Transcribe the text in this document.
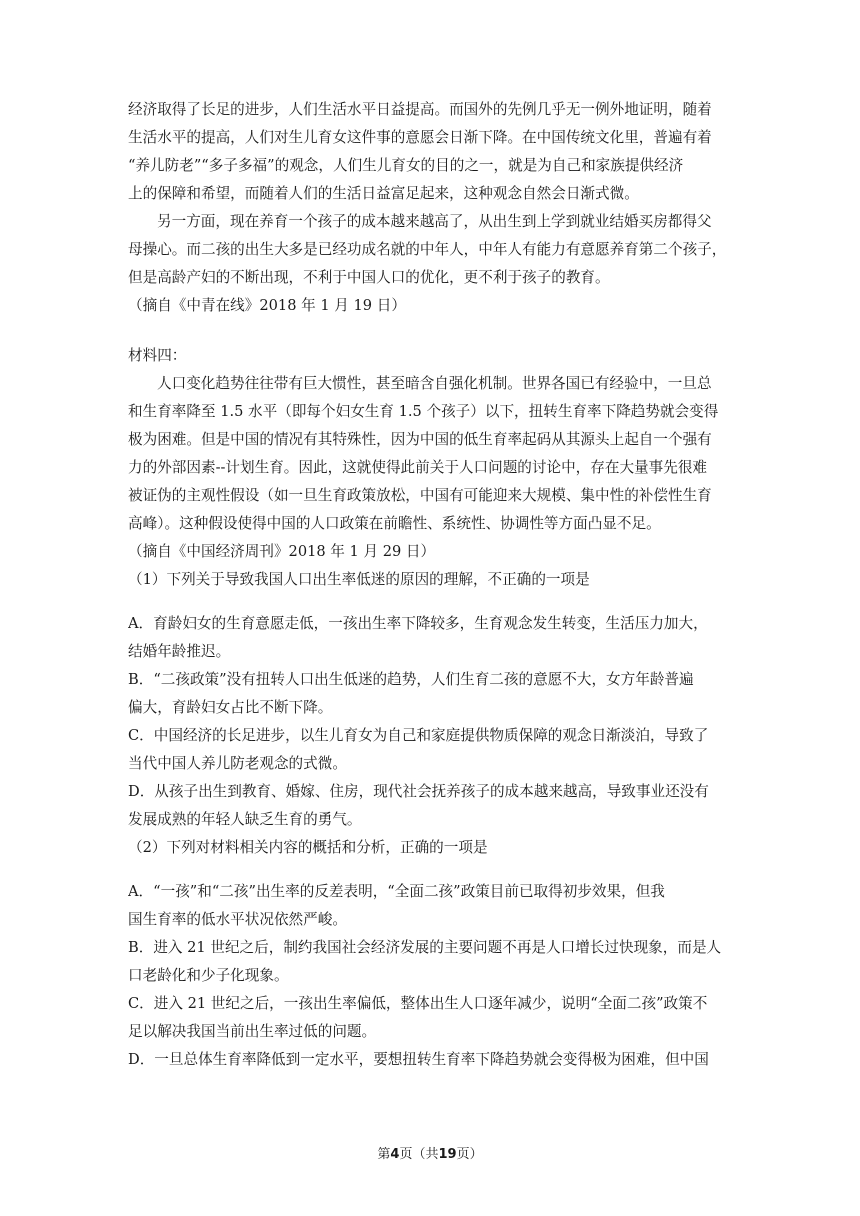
经济取得了长足的进步，人们生活水平日益提高。而国外的先例几乎无一例外地证明，随着
生活水平的提高，人们对生儿育女这件事的意愿会日渐下降。在中国传统文化里，普遍有着
“养儿防老”“多子多福”的观念，人们生儿育女的目的之一，就是为自己和家族提供经济
上的保障和希望，而随着人们的生活日益富足起来，这种观念自然会日渐式微。
另一方面，现在养育一个孩子的成本越来越高了，从出生到上学到就业结婚买房都得父
母操心。而二孩的出生大多是已经功成名就的中年人，中年人有能力有意愿养育第二个孩子，
但是高龄产妇的不断出现，不利于中国人口的优化，更不利于孩子的教育。
（摘自《中青在线》2018 年 1 月 19 日）
材料四：
人口变化趋势往往带有巨大惯性，甚至暗含自强化机制。世界各国已有经验中，一旦总
和生育率降至 1.5 水平（即每个妇女生育 1.5 个孩子）以下，扭转生育率下降趋势就会变得
极为困难。但是中国的情况有其特殊性，因为中国的低生育率起码从其源头上起自一个强有
力的外部因素--计划生育。因此，这就使得此前关于人口问题的讨论中，存在大量事先很难
被证伪的主观性假设（如一旦生育政策放松，中国有可能迎来大规模、集中性的补偿性生育
高峰）。这种假设使得中国的人口政策在前瞻性、系统性、协调性等方面凸显不足。
（摘自《中国经济周刊》2018 年 1 月 29 日）
（1）下列关于导致我国人口出生率低迷的原因的理解，不正确的一项是
A．育龄妇女的生育意愿走低，一孩出生率下降较多，生育观念发生转变，生活压力加大，
结婚年龄推迟。
B．“二孩政策”没有扭转人口出生低迷的趋势，人们生育二孩的意愿不大，女方年龄普遍
偏大，育龄妇女占比不断下降。
C．中国经济的长足进步，以生儿育女为自己和家庭提供物质保障的观念日渐淡泊，导致了
当代中国人养儿防老观念的式微。
D．从孩子出生到教育、婚嫁、住房，现代社会抚养孩子的成本越来越高，导致事业还没有
发展成熟的年轻人缺乏生育的勇气。
（2）下列对材料相关内容的概括和分析，正确的一项是
A．“一孩”和“二孩”出生率的反差表明，“全面二孩”政策目前已取得初步效果，但我
国生育率的低水平状况依然严峻。
B．进入 21 世纪之后，制约我国社会经济发展的主要问题不再是人口增长过快现象，而是人
口老龄化和少子化现象。
C．进入 21 世纪之后，一孩出生率偏低，整体出生人口逐年减少，说明“全面二孩”政策不
足以解决我国当前出生率过低的问题。
D．一旦总体生育率降低到一定水平，要想扭转生育率下降趋势就会变得极为困难，但中国
第4页（共19页）
